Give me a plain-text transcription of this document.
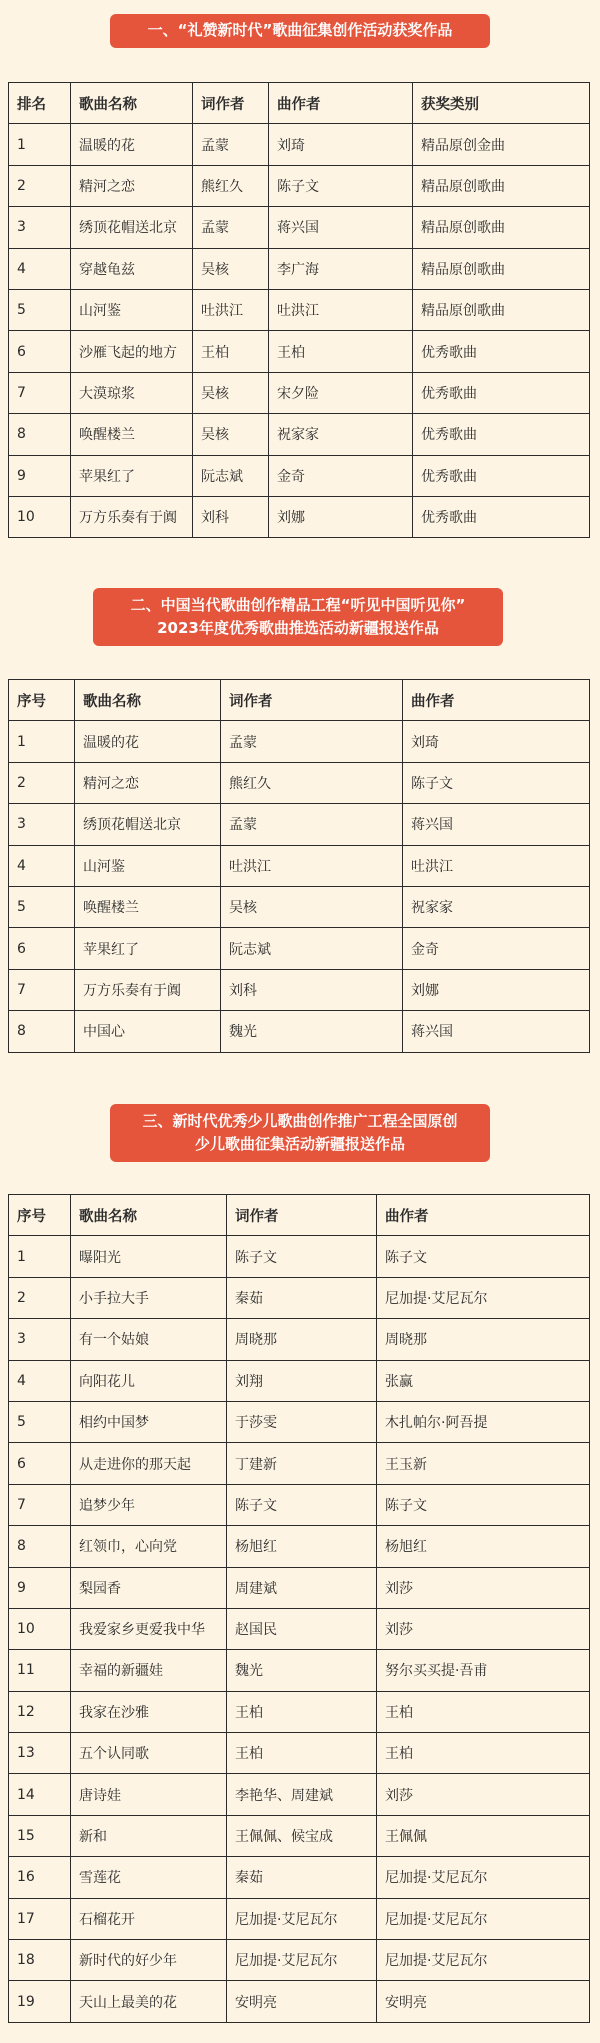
一、“礼赞新时代”歌曲征集创作活动获奖作品
排名	歌曲名称	词作者	曲作者	获奖类别
1	温暖的花	孟蒙	刘琦	精品原创金曲
2	精河之恋	熊红久	陈子文	精品原创歌曲
3	绣顶花帽送北京	孟蒙	蒋兴国	精品原创歌曲
4	穿越龟兹	吴核	李广海	精品原创歌曲
5	山河鉴	吐洪江	吐洪江	精品原创歌曲
6	沙雁飞起的地方	王柏	王柏	优秀歌曲
7	大漠琼浆	吴核	宋夕险	优秀歌曲
8	唤醒楼兰	吴核	祝家家	优秀歌曲
9	苹果红了	阮志斌	金奇	优秀歌曲
10	万方乐奏有于阗	刘科	刘娜	优秀歌曲
二、中国当代歌曲创作精品工程“听见中国听见你”
2023年度优秀歌曲推选活动新疆报送作品
序号	歌曲名称	词作者	曲作者
1	温暖的花	孟蒙	刘琦
2	精河之恋	熊红久	陈子文
3	绣顶花帽送北京	孟蒙	蒋兴国
4	山河鉴	吐洪江	吐洪江
5	唤醒楼兰	吴核	祝家家
6	苹果红了	阮志斌	金奇
7	万方乐奏有于阗	刘科	刘娜
8	中国心	魏光	蒋兴国
三、新时代优秀少儿歌曲创作推广工程全国原创
少儿歌曲征集活动新疆报送作品
序号	歌曲名称	词作者	曲作者
1	曝阳光	陈子文	陈子文
2	小手拉大手	秦茹	尼加提·艾尼瓦尔
3	有一个姑娘	周晓那	周晓那
4	向阳花儿	刘翔	张赢
5	相约中国梦	于莎雯	木扎帕尔·阿吾提
6	从走进你的那天起	丁建新	王玉新
7	追梦少年	陈子文	陈子文
8	红领巾，心向党	杨旭红	杨旭红
9	梨园香	周建斌	刘莎
10	我爱家乡更爱我中华	赵国民	刘莎
11	幸福的新疆娃	魏光	努尔买买提·吾甫
12	我家在沙雅	王柏	王柏
13	五个认同歌	王柏	王柏
14	唐诗娃	李艳华、周建斌	刘莎
15	新和	王佩佩、候宝成	王佩佩
16	雪莲花	秦茹	尼加提·艾尼瓦尔
17	石榴花开	尼加提·艾尼瓦尔	尼加提·艾尼瓦尔
18	新时代的好少年	尼加提·艾尼瓦尔	尼加提·艾尼瓦尔
19	天山上最美的花	安明亮	安明亮
